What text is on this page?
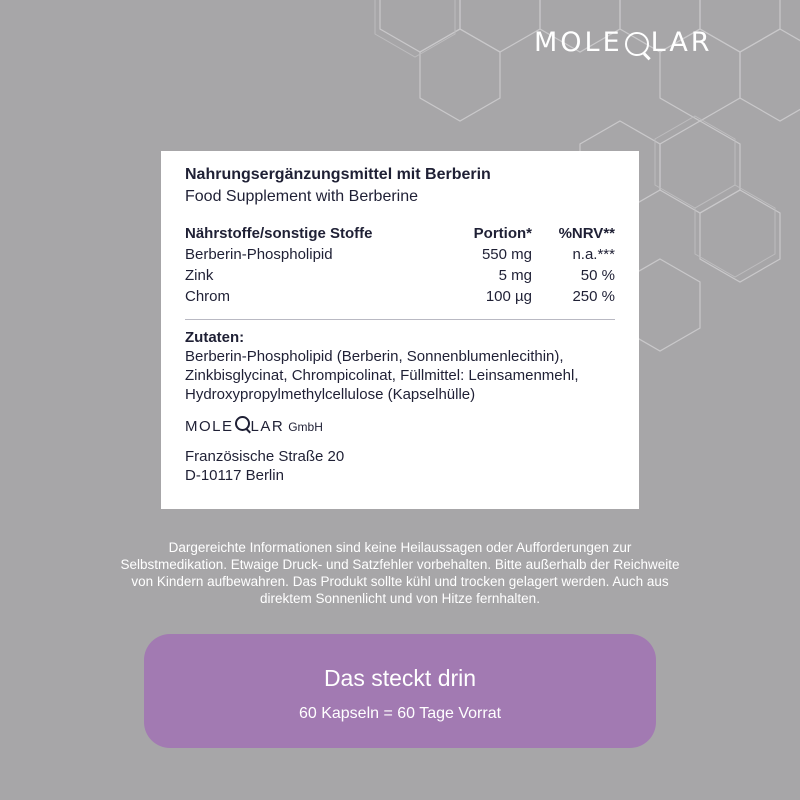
MOLE LAR
Nahrungsergänzungsmittel mit Berberin
Food Supplement with Berberine
Nährstoffe/sonstige Stoffe	Portion*	%NRV**
Berberin-Phospholipid	550 mg	n.a.***
Zink	5 mg	50 %
Chrom	100 µg	250 %
Zutaten:
Berberin-Phospholipid (Berberin, Sonnenblumenlecithin), Zinkbisglycinat, Chrompicolinat, Füllmittel: Leinsamenmehl, Hydroxypropylmethylcellulose (Kapselhülle)
MOLE LAR GmbH
Französische Straße 20
D-10117 Berlin
Dargereichte Informationen sind keine Heilaussagen oder Aufforderungen zur Selbstmedikation. Etwaige Druck- und Satzfehler vorbehalten. Bitte außerhalb der Reichweite von Kindern aufbewahren. Das Produkt sollte kühl und trocken gelagert werden. Auch aus direktem Sonnenlicht und von Hitze fernhalten.
Das steckt drin
60 Kapseln = 60 Tage Vorrat
